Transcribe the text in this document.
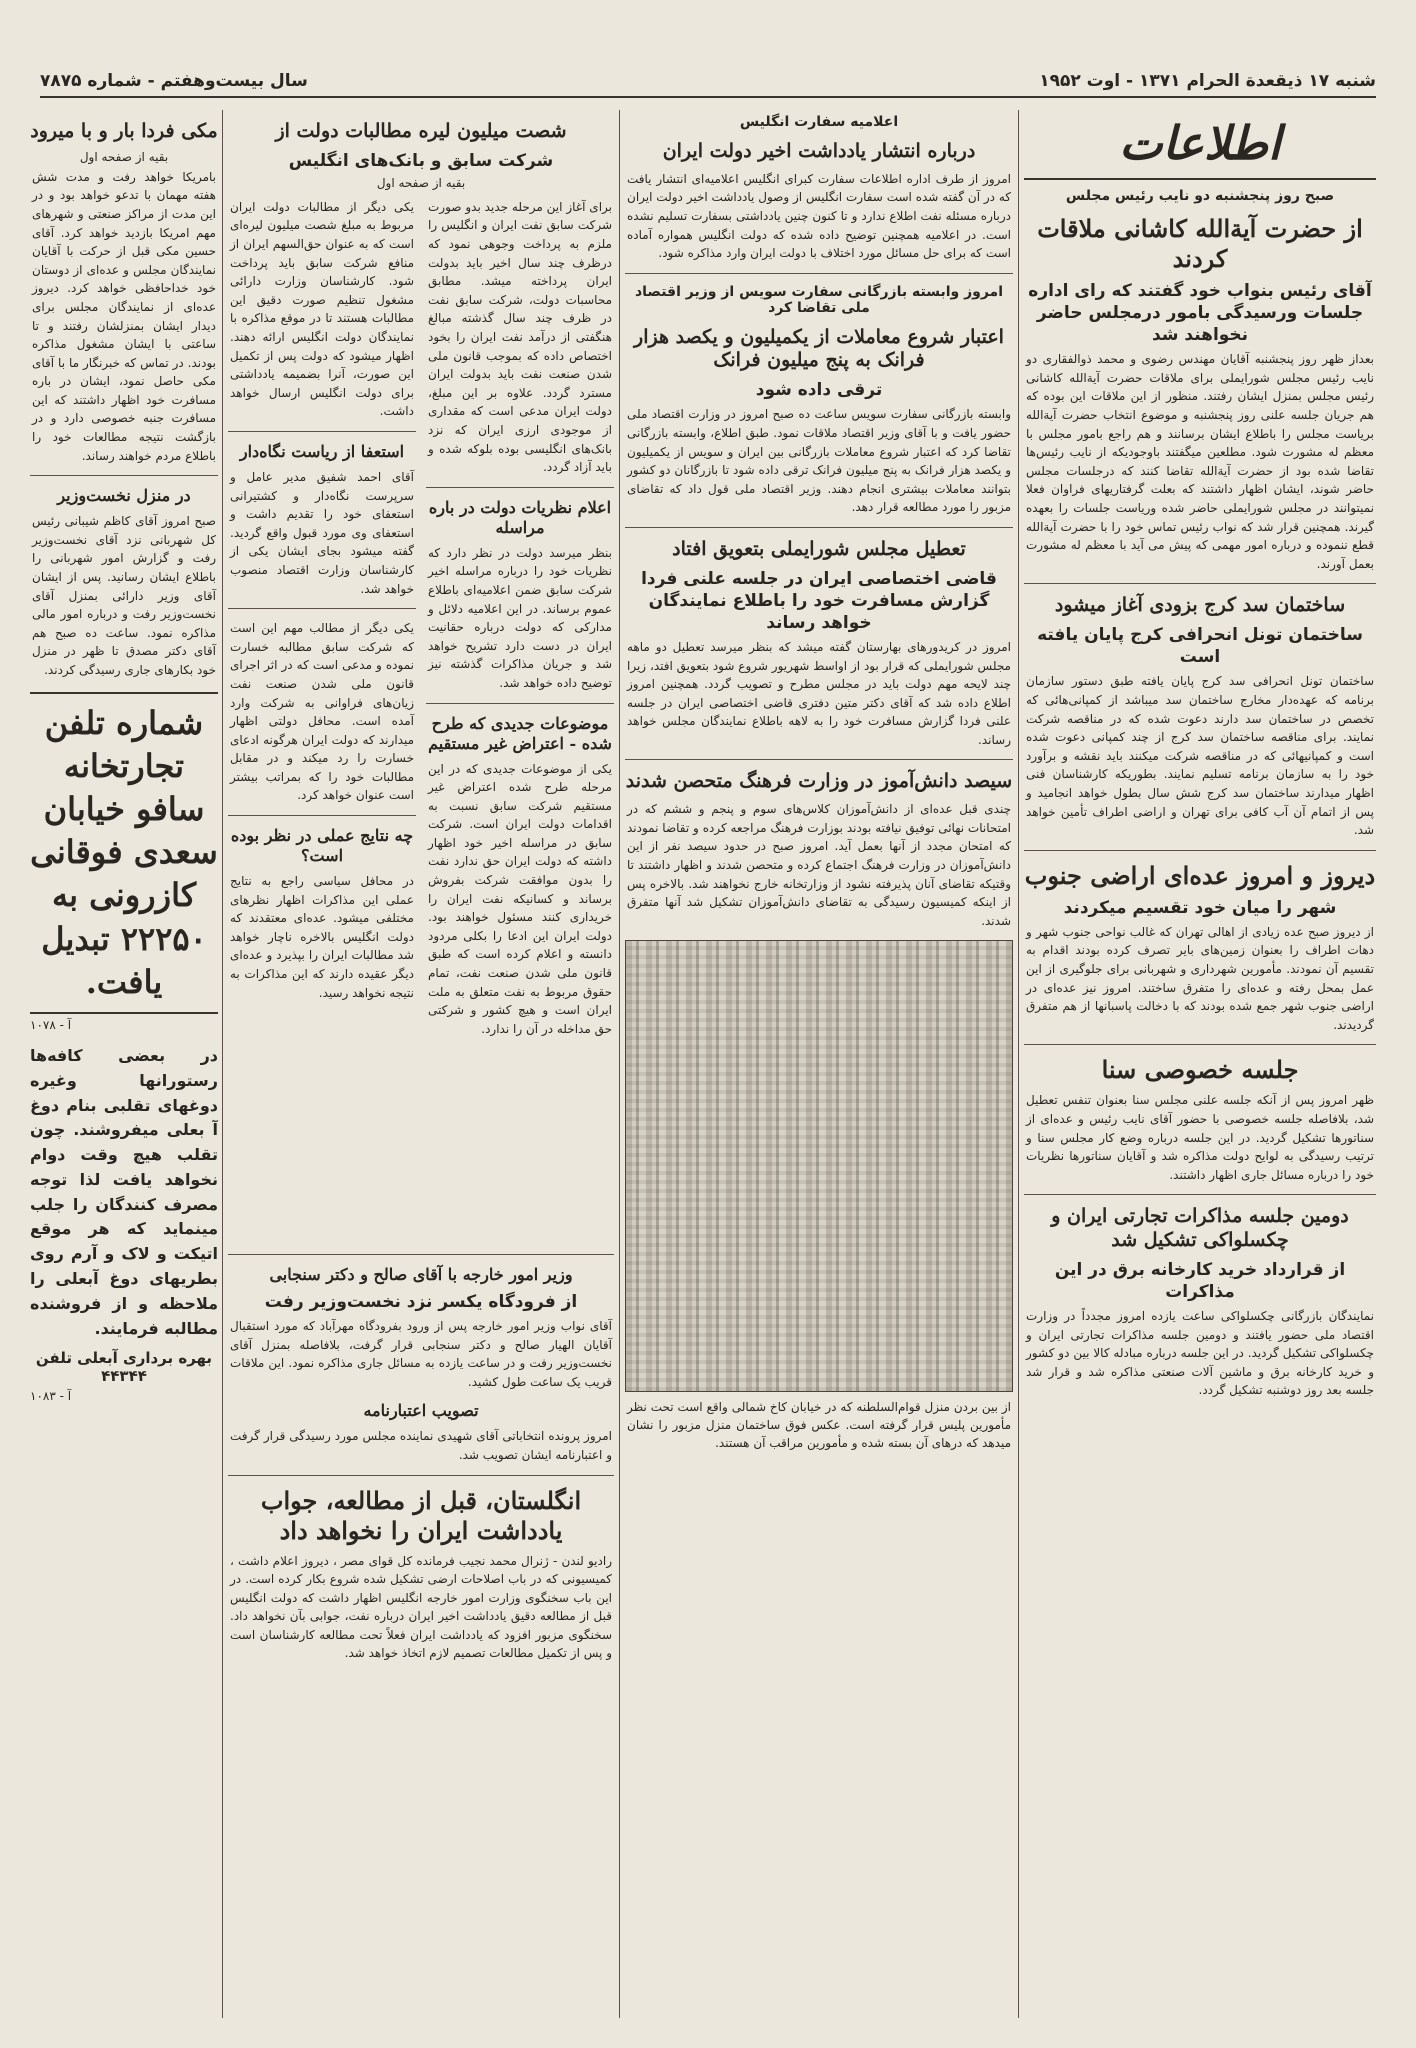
شنبه ۱۷ ذیقعدة الحرام ۱۳۷۱ - اوت ۱۹۵۲
سال بیست‌وهفتم - شماره ۷۸۷۵
اطلاعات
صبح روز پنجشنبه دو نایب رئیس مجلس
از حضرت آیةالله کاشانی ملاقات کردند
آقای رئیس بنواب خود گفتند که رای اداره جلسات ورسیدگی بامور درمجلس حاضر نخواهند شد
بعداز ظهر روز پنجشنبه آقایان مهندس رضوی و محمد ذوالفقاری دو نایب رئیس مجلس شورایملی برای ملاقات حضرت آیةالله کاشانی رئیس مجلس بمنزل ایشان رفتند. منظور از این ملاقات این بوده که هم جریان جلسه علنی روز پنجشنبه و موضوع انتخاب حضرت آیةالله بریاست مجلس را باطلاع ایشان برسانند و هم راجع بامور مجلس با معظم له مشورت شود. مطلعین میگفتند باوجودیکه از نایب رئیس‌ها تقاضا شده بود از حضرت آیةالله تقاضا کنند که درجلسات مجلس حاضر شوند، ایشان اظهار داشتند که بعلت گرفتاریهای فراوان فعلا نمیتوانند در مجلس شورایملی حاضر شده وریاست جلسات را بعهده گیرند. همچنین قرار شد که نواب رئیس تماس خود را با حضرت آیةالله قطع ننموده و درباره امور مهمی که پیش می آید با معظم له مشورت بعمل آورند.
ساختمان سد کرج بزودی آغاز میشود
ساختمان تونل انحرافی کرج پایان یافته است
ساختمان تونل انحرافی سد کرج پایان یافته طبق دستور سازمان برنامه که عهده‌دار مخارج ساختمان سد میباشد از کمپانی‌هائی که تخصص در ساختمان سد دارند دعوت شده که در مناقصه شرکت نمایند. برای مناقصه ساختمان سد کرج از چند کمپانی دعوت شده است و کمپانیهائی که در مناقصه شرکت میکنند باید نقشه و برآورد خود را به سازمان برنامه تسلیم نمایند. بطوریکه کارشناسان فنی اظهار میدارند ساختمان سد کرج شش سال بطول خواهد انجامید و پس از اتمام آن آب کافی برای تهران و اراضی اطراف تأمین خواهد شد.
دیروز و امروز عده‌ای اراضی جنوب
شهر را میان خود تقسیم میکردند
از دیروز صبح عده زیادی از اهالی تهران که غالب نواحی جنوب شهر و دهات اطراف را بعنوان زمین‌های بایر تصرف کرده بودند اقدام به تقسیم آن نمودند. مأمورین شهرداری و شهربانی برای جلوگیری از این عمل بمحل رفته و عده‌ای را متفرق ساختند. امروز نیز عده‌ای در اراضی جنوب شهر جمع شده بودند که با دخالت پاسبانها از هم متفرق گردیدند.
جلسه خصوصی سنا
ظهر امروز پس از آنکه جلسه علنی مجلس سنا بعنوان تنفس تعطیل شد، بلافاصله جلسه خصوصی با حضور آقای نایب رئیس و عده‌ای از سناتورها تشکیل گردید. در این جلسه درباره وضع کار مجلس سنا و ترتیب رسیدگی به لوایح دولت مذاکره شد و آقایان سناتورها نظریات خود را درباره مسائل جاری اظهار داشتند.
دومین جلسه مذاکرات تجارتی ایران و چکسلواکی تشکیل شد
از قرارداد خرید کارخانه برق در این مذاکرات
نمایندگان بازرگانی چکسلواکی ساعت یازده امروز مجدداً در وزارت اقتصاد ملی حضور یافتند و دومین جلسه مذاکرات تجارتی ایران و چکسلواکی تشکیل گردید. در این جلسه درباره مبادله کالا بین دو کشور و خرید کارخانه برق و ماشین آلات صنعتی مذاکره شد و قرار شد جلسه بعد روز دوشنبه تشکیل گردد.
اعلامیه سفارت انگلیس
درباره انتشار یادداشت اخیر دولت ایران
امروز از طرف اداره اطلاعات سفارت کبرای انگلیس اعلامیه‌ای انتشار یافت که در آن گفته شده است سفارت انگلیس از وصول یادداشت اخیر دولت ایران درباره مسئله نفت اطلاع ندارد و تا کنون چنین یادداشتی بسفارت تسلیم نشده است. در اعلامیه همچنین توضیح داده شده که دولت انگلیس همواره آماده است که برای حل مسائل مورد اختلاف با دولت ایران وارد مذاکره شود.
امروز وابسته بازرگانی سفارت سویس از وزیر اقتصاد ملی تقاضا کرد
اعتبار شروع معاملات از یکمیلیون و یکصد هزار فرانک به پنج میلیون فرانک
ترقی داده شود
وابسته بازرگانی سفارت سویس ساعت ده صبح امروز در وزارت اقتصاد ملی حضور یافت و با آقای وزیر اقتصاد ملاقات نمود. طبق اطلاع، وابسته بازرگانی تقاضا کرد که اعتبار شروع معاملات بازرگانی بین ایران و سویس از یکمیلیون و یکصد هزار فرانک به پنج میلیون فرانک ترقی داده شود تا بازرگانان دو کشور بتوانند معاملات بیشتری انجام دهند. وزیر اقتصاد ملی قول داد که تقاضای مزبور را مورد مطالعه قرار دهد.
تعطیل مجلس شورایملی بتعویق افتاد
قاضی اختصاصی ایران در جلسه علنی فردا گزارش مسافرت خود را باطلاع نمایندگان خواهد رساند
امروز در کریدورهای بهارستان گفته میشد که بنظر میرسد تعطیل دو ماهه مجلس شورایملی که قرار بود از اواسط شهریور شروع شود بتعویق افتد، زیرا چند لایحه مهم دولت باید در مجلس مطرح و تصویب گردد. همچنین امروز اطلاع داده شد که آقای دکتر متین دفتری قاضی اختصاصی ایران در جلسه علنی فردا گزارش مسافرت خود را به لاهه باطلاع نمایندگان مجلس خواهد رساند.
سیصد دانش‌آموز در وزارت فرهنگ متحصن شدند
چندی قبل عده‌ای از دانش‌آموزان کلاس‌های سوم و پنجم و ششم که در امتحانات نهائی توفیق نیافته بودند بوزارت فرهنگ مراجعه کرده و تقاضا نمودند که امتحان مجدد از آنها بعمل آید. امروز صبح در حدود سیصد نفر از این دانش‌آموزان در وزارت فرهنگ اجتماع کرده و متحصن شدند و اظهار داشتند تا وقتیکه تقاضای آنان پذیرفته نشود از وزارتخانه خارج نخواهند شد. بالاخره پس از اینکه کمیسیون رسیدگی به تقاضای دانش‌آموزان تشکیل شد آنها متفرق شدند.
از بین بردن منزل قوام‌السلطنه که در خیابان کاخ شمالی واقع است تحت نظر مأمورین پلیس قرار گرفته است. عکس فوق ساختمان منزل مزبور را نشان میدهد که درهای آن بسته شده و مأمورین مراقب آن هستند.
شصت میلیون لیره مطالبات دولت از
شرکت سابق و بانک‌های انگلیس
بقیه از صفحه اول
برای آغاز این مرحله جدید بدو صورت شرکت سابق نفت ایران و انگلیس را ملزم به پرداخت وجوهی نمود که درظرف چند سال اخیر باید بدولت ایران پرداخته میشد. مطابق محاسبات دولت، شرکت سابق نفت در ظرف چند سال گذشته مبالغ هنگفتی از درآمد نفت ایران را بخود اختصاص داده که بموجب قانون ملی شدن صنعت نفت باید بدولت ایران مسترد گردد. علاوه بر این مبلغ، دولت ایران مدعی است که مقداری از موجودی ارزی ایران که نزد بانک‌های انگلیسی بوده بلوکه شده و باید آزاد گردد.
اعلام نظریات دولت در باره مراسله
بنظر میرسد دولت در نظر دارد که نظریات خود را درباره مراسله اخیر شرکت سابق ضمن اعلامیه‌ای باطلاع عموم برساند. در این اعلامیه دلائل و مدارکی که دولت درباره حقانیت ایران در دست دارد تشریح خواهد شد و جریان مذاکرات گذشته نیز توضیح داده خواهد شد.
موضوعات جدیدی که طرح شده - اعتراض غیر مستقیم
یکی از موضوعات جدیدی که در این مرحله طرح شده اعتراض غیر مستقیم شرکت سابق نسبت به اقدامات دولت ایران است. شرکت سابق در مراسله اخیر خود اظهار داشته که دولت ایران حق ندارد نفت را بدون موافقت شرکت بفروش برساند و کسانیکه نفت ایران را خریداری کنند مسئول خواهند بود. دولت ایران این ادعا را بکلی مردود دانسته و اعلام کرده است که طبق قانون ملی شدن صنعت نفت، تمام حقوق مربوط به نفت متعلق به ملت ایران است و هیچ کشور و شرکتی حق مداخله در آن را ندارد.
یکی دیگر از مطالبات دولت ایران مربوط به مبلغ شصت میلیون لیره‌ای است که به عنوان حق‌السهم ایران از منافع شرکت سابق باید پرداخت شود. کارشناسان وزارت دارائی مشغول تنظیم صورت دقیق این مطالبات هستند تا در موقع مذاکره با نمایندگان دولت انگلیس ارائه دهند. اظهار میشود که دولت پس از تکمیل این صورت، آنرا بضمیمه یادداشتی برای دولت انگلیس ارسال خواهد داشت.
استعفا از ریاست نگاه‌دار
آقای احمد شفیق مدیر عامل و سرپرست نگاه‌دار و کشتیرانی استعفای خود را تقدیم داشت و استعفای وی مورد قبول واقع گردید. گفته میشود بجای ایشان یکی از کارشناسان وزارت اقتصاد منصوب خواهد شد.
یکی دیگر از مطالب مهم این است که شرکت سابق مطالبه خسارت نموده و مدعی است که در اثر اجرای قانون ملی شدن صنعت نفت زیان‌های فراوانی به شرکت وارد آمده است. محافل دولتی اظهار میدارند که دولت ایران هرگونه ادعای خسارت را رد میکند و در مقابل مطالبات خود را که بمراتب بیشتر است عنوان خواهد کرد.
چه نتایج عملی در نظر بوده است؟
در محافل سیاسی راجع به نتایج عملی این مذاکرات اظهار نظرهای مختلفی میشود. عده‌ای معتقدند که دولت انگلیس بالاخره ناچار خواهد شد مطالبات ایران را بپذیرد و عده‌ای دیگر عقیده دارند که این مذاکرات به نتیجه نخواهد رسید.
وزیر امور خارجه با آقای صالح و دکتر سنجابی
از فرودگاه یکسر نزد نخست‌وزیر رفت
آقای نواب وزیر امور خارجه پس از ورود بفرودگاه مهرآباد که مورد استقبال آقایان الهیار صالح و دکتر سنجابی قرار گرفت، بلافاصله بمنزل آقای نخست‌وزیر رفت و در ساعت یازده به مسائل جاری مذاکره نمود. این ملاقات قریب یک ساعت طول کشید.
تصویب اعتبارنامه
امروز پرونده انتخاباتی آقای شهیدی نماینده مجلس مورد رسیدگی قرار گرفت و اعتبارنامه ایشان تصویب شد.
انگلستان، قبل از مطالعه، جواب یادداشت ایران را نخواهد داد
رادیو لندن - ژنرال محمد نجیب فرمانده کل قوای مصر ، دیروز اعلام داشت ، کمیسیونی که در باب اصلاحات ارضی تشکیل شده شروع بکار کرده است. در این باب سخنگوی وزارت امور خارجه انگلیس اظهار داشت که دولت انگلیس قبل از مطالعه دقیق یادداشت اخیر ایران درباره نفت، جوابی بآن نخواهد داد. سخنگوی مزبور افزود که یادداشت ایران فعلاً تحت مطالعه کارشناسان است و پس از تکمیل مطالعات تصمیم لازم اتخاذ خواهد شد.
مکی فردا بار و با میرود
بقیه از صفحه اول
بامریکا خواهد رفت و مدت شش هفته مهمان با تدعو خواهد بود و در این مدت از مراکز صنعتی و شهرهای مهم امریکا بازدید خواهد کرد. آقای حسین مکی قبل از حرکت با آقایان نمایندگان مجلس و عده‌ای از دوستان خود خداحافظی خواهد کرد. دیروز عده‌ای از نمایندگان مجلس برای دیدار ایشان بمنزلشان رفتند و تا ساعتی با ایشان مشغول مذاکره بودند. در تماس که خبرنگار ما با آقای مکی حاصل نمود، ایشان در باره مسافرت خود اظهار داشتند که این مسافرت جنبه خصوصی دارد و در بازگشت نتیجه مطالعات خود را باطلاع مردم خواهند رساند.
در منزل نخست‌وزیر
صبح امروز آقای کاظم شیبانی رئیس کل شهربانی نزد آقای نخست‌وزیر رفت و گزارش امور شهربانی را باطلاع ایشان رسانید. پس از ایشان آقای وزیر دارائی بمنزل آقای نخست‌وزیر رفت و درباره امور مالی مذاکره نمود. ساعت ده صبح هم آقای دکتر مصدق تا ظهر در منزل خود بکارهای جاری رسیدگی کردند.
شماره تلفن تجارتخانه سافو خیابان سعدی فوقانی کازرونی به ۲۲۲۵۰ تبدیل یافت.
آ - ۱۰۷۸
در بعضی کافه‌ها رستورانها وغیره دوغهای تقلبی بنام دوغ آ بعلی میفروشند. چون تقلب هیچ وقت دوام نخواهد یافت لذا توجه مصرف کنندگان را جلب مینماید که هر موقع اتیکت و لاک و آرم روی بطریهای دوغ آبعلی را ملاحظه و از فروشنده مطالبه فرمایند.
بهره برداری آبعلی تلفن ۴۴۳۴۴
آ - ۱۰۸۳
